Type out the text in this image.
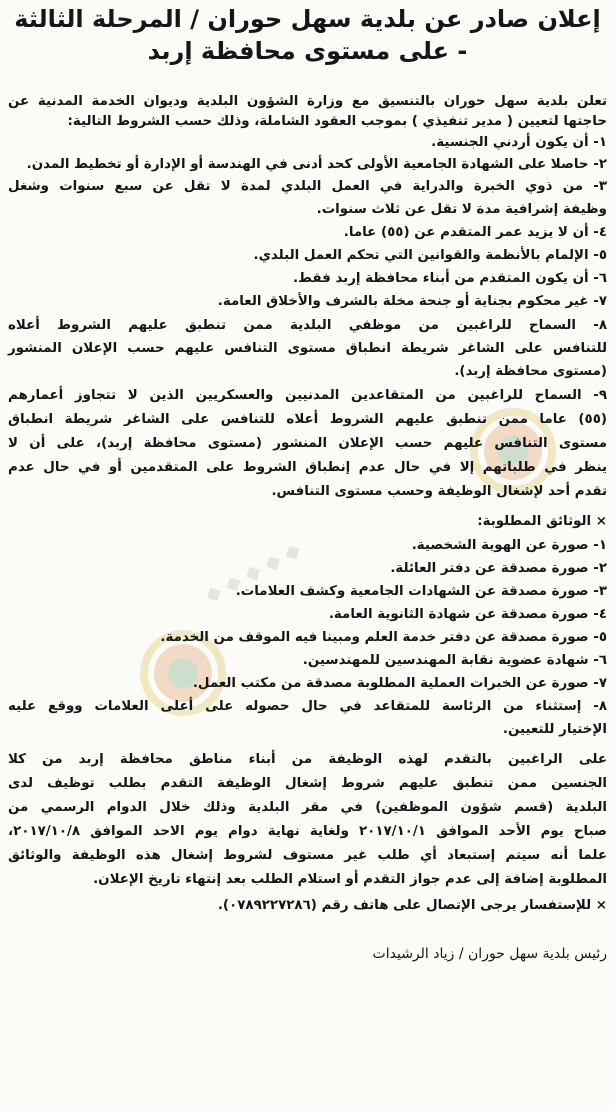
إعلان صادر عن بلدية سهل حوران / المرحلة الثالثة
- على مستوى محافظة إربد
◆ ◆ ◆ ◆ ◆
تعلن بلدية سهل حوران بالتنسيق مع وزارة الشؤون البلدية وديوان الخدمة المدنية عن
حاجتها لتعيين ( مدير تنفيذي ) بموجب العقود الشاملة، وذلك حسب الشروط التالية:
١- أن يكون أردني الجنسية.
٢- حاصلا على الشهادة الجامعية الأولى كحد أدنى في الهندسة أو الإدارة أو تخطيط المدن.
٣- من ذوي الخبرة والدراية في العمل البلدي لمدة لا تقل عن سبع سنوات وشغل
وظيفة إشرافية مدة لا تقل عن ثلاث سنوات.
٤- أن لا يزيد عمر المتقدم عن (٥٥) عاما.
٥- الإلمام بالأنظمة والقوانين التي تحكم العمل البلدي.
٦- أن يكون المتقدم من أبناء محافظة إربد فقط.
٧- غير محكوم بجناية أو جنحة مخلة بالشرف والأخلاق العامة.
٨- السماح للراغبين من موظفي البلدية ممن تنطبق عليهم الشروط أعلاه
للتنافس على الشاغر شريطة انطباق مستوى التنافس عليهم حسب الإعلان المنشور
(مستوى محافظة إربد).
٩- السماح للراغبين من المتقاعدين المدنيين والعسكريين الذين لا تتجاوز أعمارهم
(٥٥) عاما ممن تنطبق عليهم الشروط أعلاه للتنافس على الشاغر شريطة انطباق
مستوى التنافس عليهم حسب الإعلان المنشور (مستوى محافظة إربد)، على أن لا
ينظر في طلباتهم إلا في حال عدم إنطباق الشروط على المتقدمين أو في حال عدم
تقدم أحد لإشغال الوظيفة وحسب مستوى التنافس.
× الوثائق المطلوبة:
١- صورة عن الهوية الشخصية.
٢- صورة مصدقة عن دفتر العائلة.
٣- صورة مصدقة عن الشهادات الجامعية وكشف العلامات.
٤- صورة مصدقة عن شهادة الثانوية العامة.
٥- صورة مصدقة عن دفتر خدمة العلم ومبينا فيه الموقف من الخدمة.
٦- شهادة عضوية نقابة المهندسين للمهندسين.
٧- صورة عن الخبرات العملية المطلوبة مصدقة من مكتب العمل.
٨- إستثناء من الرئاسة للمتقاعد في حال حصوله على أعلى العلامات ووقع عليه
الإختيار للتعيين.
على الراغبين بالتقدم لهذه الوظيفة من أبناء مناطق محافظة إربد من كلا
الجنسين ممن تنطبق عليهم شروط إشغال الوظيفة التقدم بطلب توظيف لدى
البلدية (قسم شؤون الموظفين) في مقر البلدية وذلك خلال الدوام الرسمي من
صباح يوم الأحد الموافق ٢٠١٧/١٠/١ ولغاية نهاية دوام يوم الاحد الموافق ٢٠١٧/١٠/٨،
علما أنه سيتم إستبعاد أي طلب غير مستوف لشروط إشغال هذه الوظيفة والوثائق
المطلوبة إضافة إلى عدم جواز التقدم أو استلام الطلب بعد إنتهاء تاريخ الإعلان.
× للإستفسار يرجى الإتصال على هاتف رقم (٠٧٨٩٢٢٧٢٨٦).
رئيس بلدية سهل حوران / زياد الرشيدات
